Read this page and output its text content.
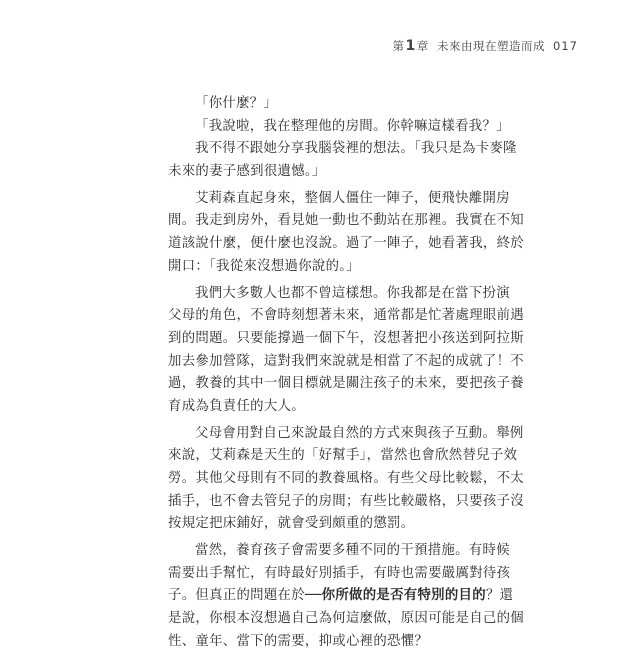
第1章 未來由現在塑造而成 017
「你什麼？」
「我說啦，我在整理他的房間。你幹嘛這樣看我？」
我不得不跟她分享我腦袋裡的想法。「我只是為卡麥隆
未來的妻子感到很遺憾。」
艾莉森直起身來，整個人僵住一陣子，便飛快離開房
間。我走到房外，看見她一動也不動站在那裡。我實在不知
道該說什麼，便什麼也沒說。過了一陣子，她看著我，終於
開口：「我從來沒想過你說的。」
我們大多數人也都不曾這樣想。你我都是在當下扮演
父母的角色，不會時刻想著未來，通常都是忙著處理眼前遇
到的問題。只要能撐過一個下午，沒想著把小孩送到阿拉斯
加去參加營隊，這對我們來說就是相當了不起的成就了！不
過，教養的其中一個目標就是關注孩子的未來，要把孩子養
育成為負責任的大人。
父母會用對自己來說最自然的方式來與孩子互動。舉例
來說，艾莉森是天生的「好幫手」，當然也會欣然替兒子效
勞。其他父母則有不同的教養風格。有些父母比較鬆，不太
插手，也不會去管兒子的房間；有些比較嚴格，只要孩子沒
按規定把床鋪好，就會受到頗重的懲罰。
當然，養育孩子會需要多種不同的干預措施。有時候
需要出手幫忙，有時最好別插手，有時也需要嚴厲對待孩
子。但真正的問題在於──你所做的是否有特別的目的？還
是說，你根本沒想過自己為何這麼做，原因可能是自己的個
性、童年、當下的需要，抑或心裡的恐懼？
